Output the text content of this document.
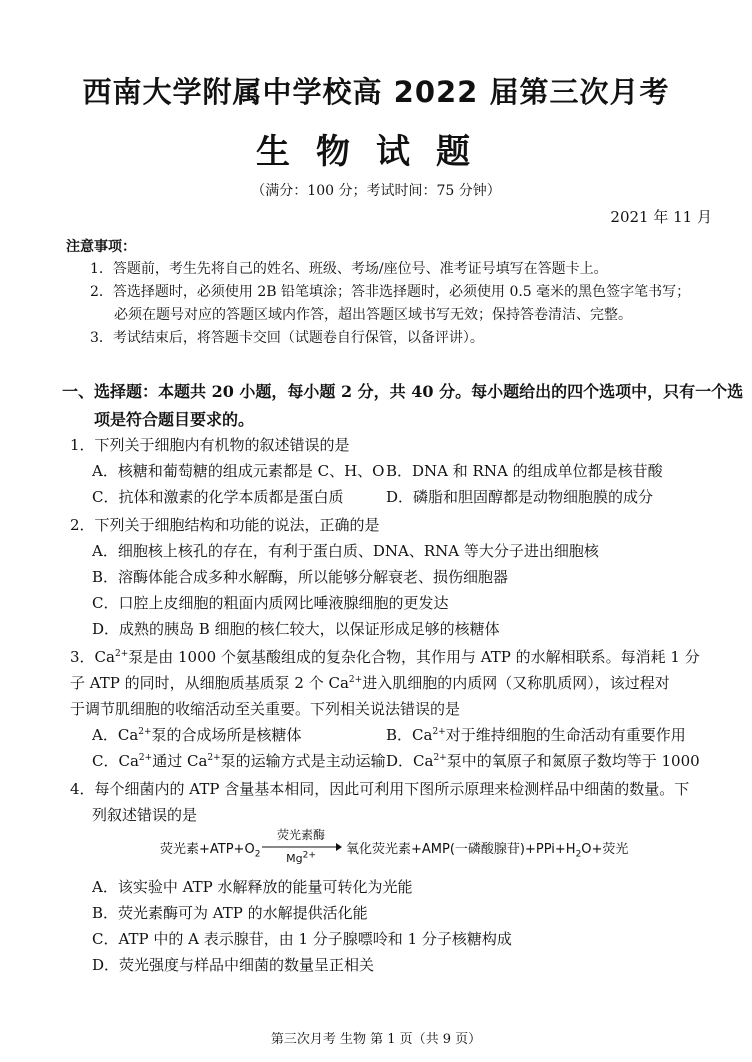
西南大学附属中学校高 2022 届第三次月考
生物试题
（满分：100 分；考试时间：75 分钟）
2021 年 11 月
注意事项：
1．答题前，考生先将自己的姓名、班级、考场/座位号、准考证号填写在答题卡上。
2．答选择题时，必须使用 2B 铅笔填涂；答非选择题时，必须使用 0.5 毫米的黑色签字笔书写；
必须在题号对应的答题区域内作答，超出答题区域书写无效；保持答卷清洁、完整。
3．考试结束后，将答题卡交回（试题卷自行保管，以备评讲）。
一、选择题：本题共 20 小题，每小题 2 分，共 40 分。每小题给出的四个选项中，只有一个选
项是符合题目要求的。
1．下列关于细胞内有机物的叙述错误的是
A．核糖和葡萄糖的组成元素都是 C、H、O B．DNA 和 RNA 的组成单位都是核苷酸
C．抗体和激素的化学本质都是蛋白质	D．磷脂和胆固醇都是动物细胞膜的成分
2．下列关于细胞结构和功能的说法，正确的是
A．细胞核上核孔的存在，有利于蛋白质、DNA、RNA 等大分子进出细胞核
B．溶酶体能合成多种水解酶，所以能够分解衰老、损伤细胞器
C．口腔上皮细胞的粗面内质网比唾液腺细胞的更发达
D．成熟的胰岛 B 细胞的核仁较大，以保证形成足够的核糖体
3．$Ca^{2+}$泵是由 1000 个氨基酸组成的复杂化合物，其作用与 ATP 的水解相联系。每消耗 1 分
子 ATP 的同时，从细胞质基质泵 2 个 $Ca^{2+}$进入肌细胞的内质网（又称肌质网），该过程对
于调节肌细胞的收缩活动至关重要。下列相关说法错误的是
A．$Ca^{2+}$泵的合成场所是核糖体	B．$Ca^{2+}$对于维持细胞的生命活动有重要作用
C．$Ca^{2+}$通过 $Ca^{2+}$泵的运输方式是主动运输 D．$Ca^{2+}$泵中的氧原子和氮原子数均等于 1000
4．每个细菌内的 ATP 含量基本相同，因此可利用下图所示原理来检测样品中细菌的数量。下
列叙述错误的是
荧光素$+ATP+O_2$
荧光素酶
$Mg^{2+}$	氧化荧光素+AMP(一磷酸腺苷)$+PPi+H_2O+$荧光
A．该实验中 ATP 水解释放的能量可转化为光能
B．荧光素酶可为 ATP 的水解提供活化能
C．ATP 中的 A 表示腺苷，由 1 分子腺嘌呤和 1 分子核糖构成
D．荧光强度与样品中细菌的数量呈正相关
第三次月考 生物 第 1 页（共 9 页）
